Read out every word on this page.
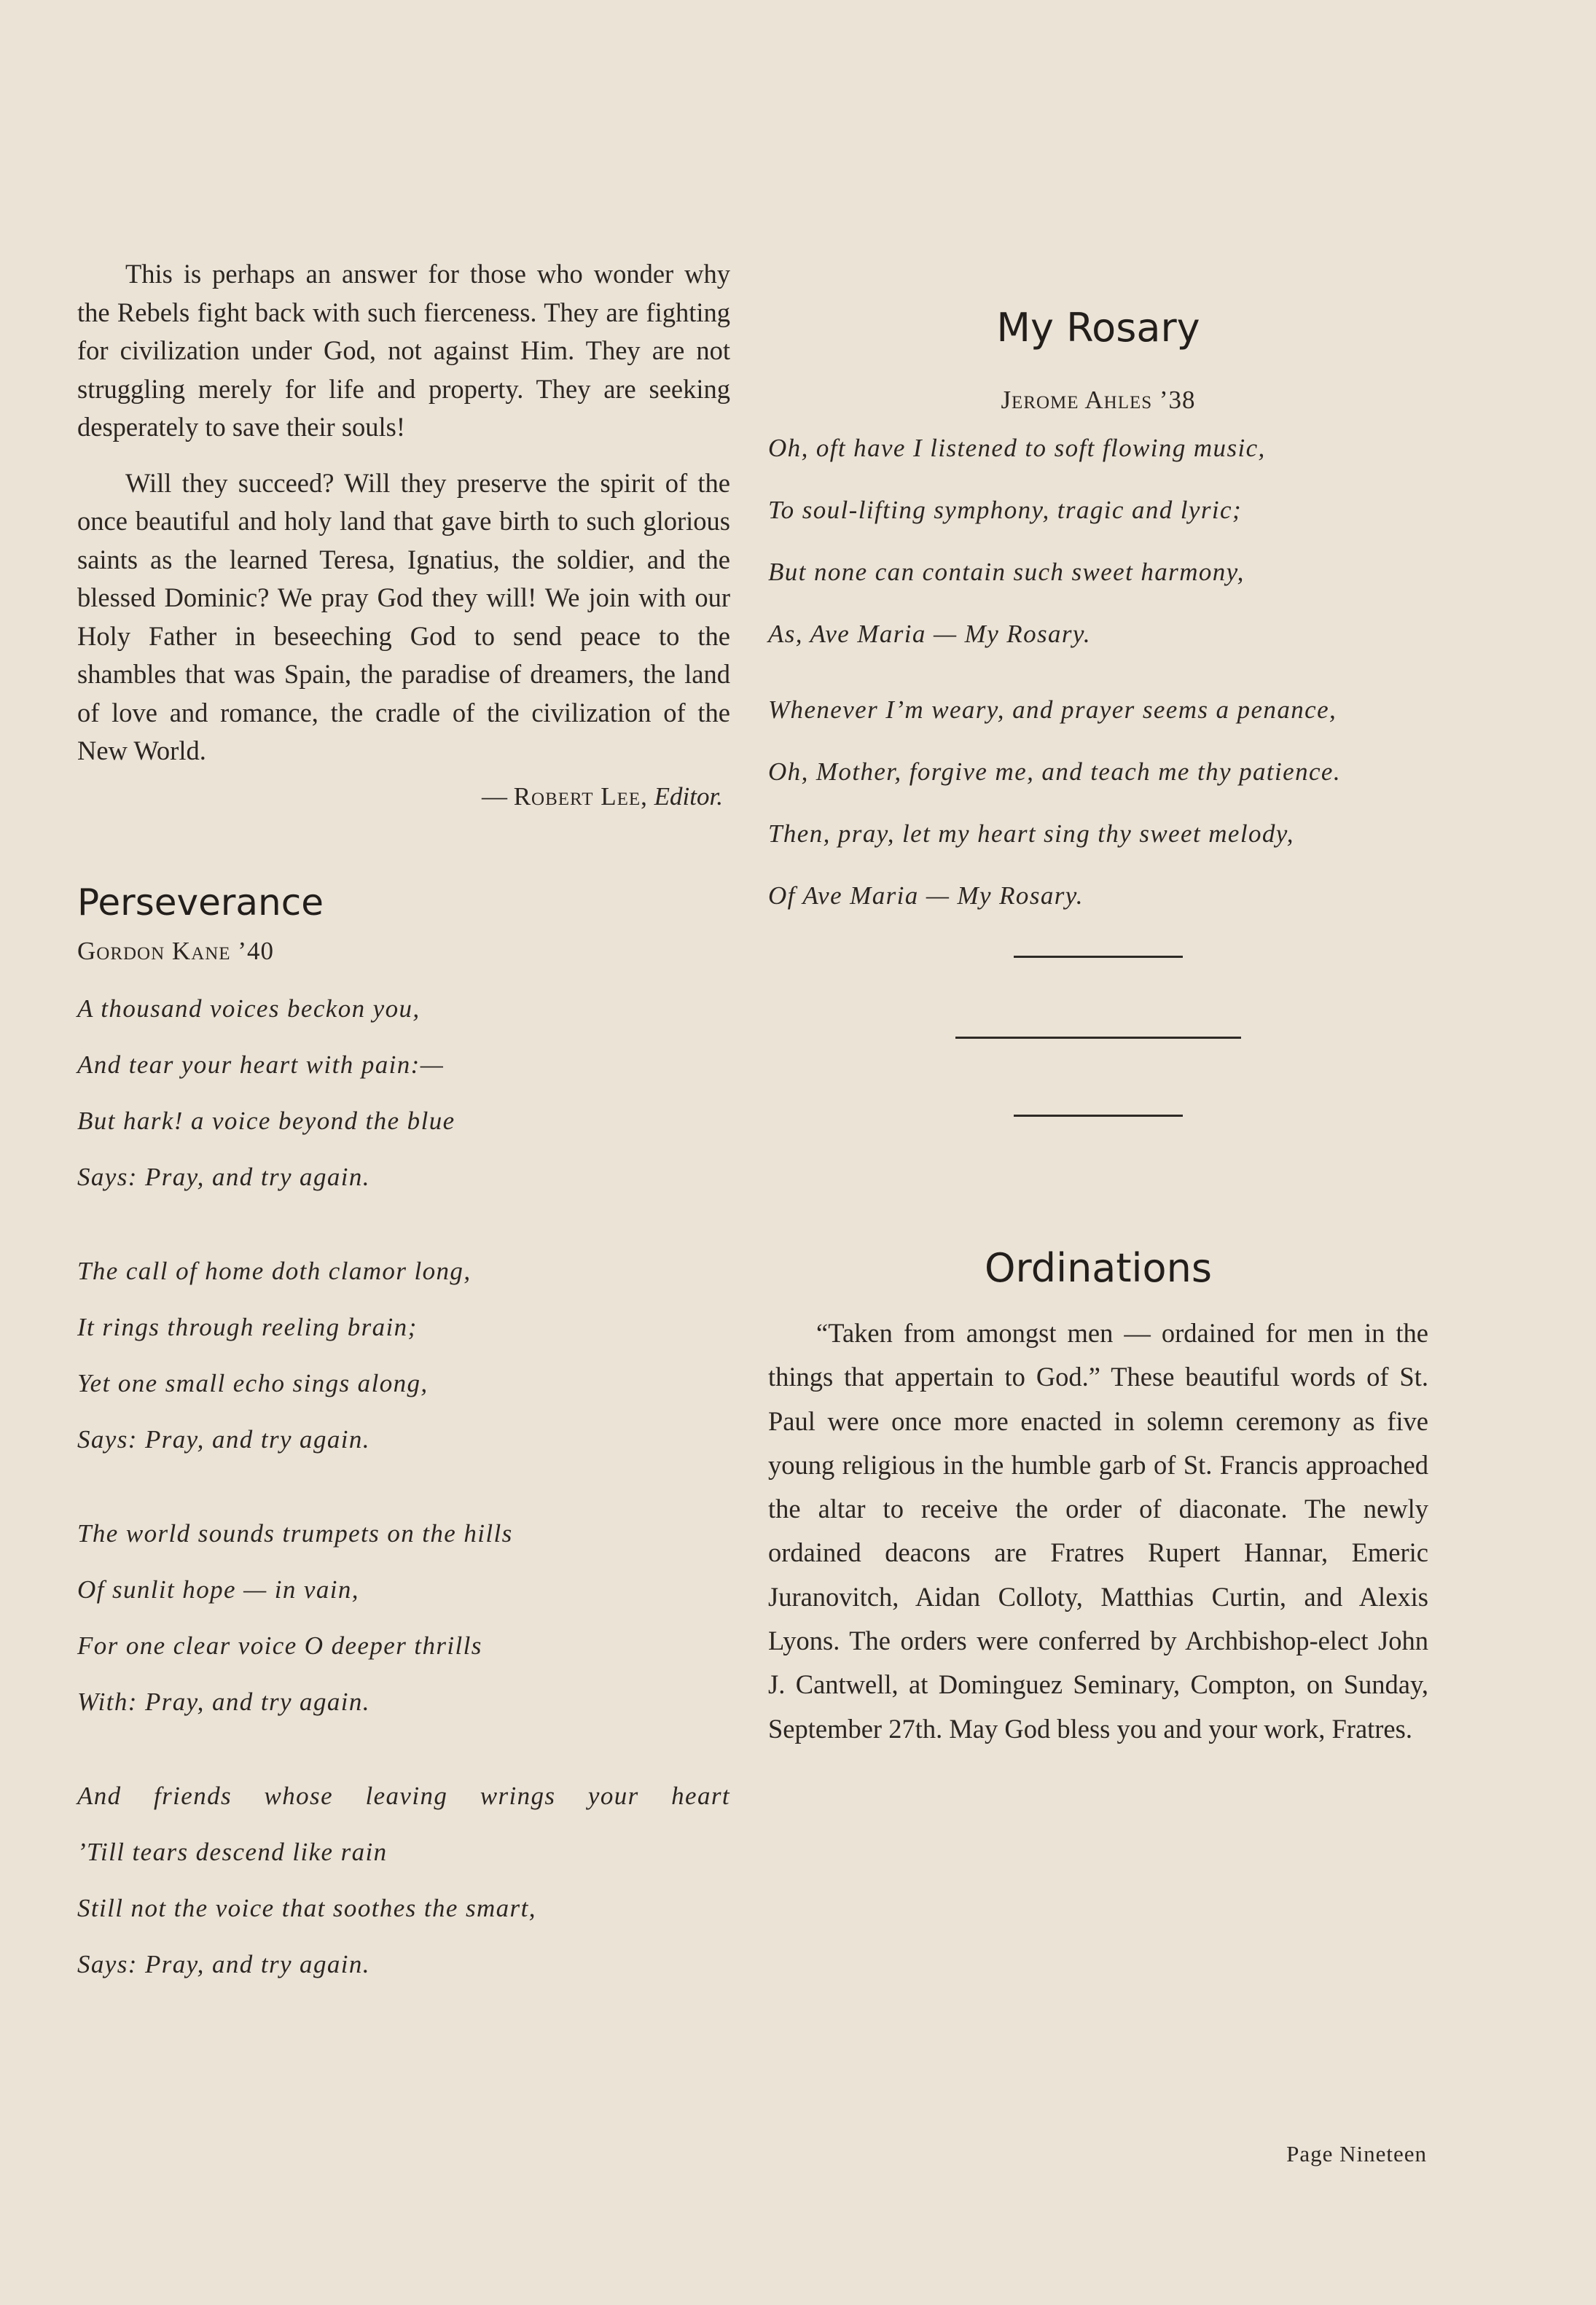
This is perhaps an answer for those who wonder why the Rebels fight back with such fierceness. They are fighting for civilization under God, not against Him. They are not struggling merely for life and property. They are seeking desperately to save their souls!

Will they succeed? Will they preserve the spirit of the once beautiful and holy land that gave birth to such glorious saints as the learned Teresa, Ignatius, the soldier, and the blessed Dominic? We pray God they will! We join with our Holy Father in beseeching God to send peace to the shambles that was Spain, the paradise of dreamers, the land of love and romance, the cradle of the civilization of the New World.

— Robert Lee, Editor.

Perseverance

Gordon Kane ’40

A thousand voices beckon you,
And tear your heart with pain:—
But hark! a voice beyond the blue
Says: Pray, and try again.
The call of home doth clamor long,
It rings through reeling brain;
Yet one small echo sings along,
Says: Pray, and try again.
The world sounds trumpets on the hills
Of sunlit hope — in vain,
For one clear voice O deeper thrills
With: Pray, and try again.
And friends whose leaving wrings your heart
’Till tears descend like rain
Still not the voice that soothes the smart,
Says: Pray, and try again.
My Rosary

Jerome Ahles ’38

Oh, oft have I listened to soft flowing music,
To soul-lifting symphony, tragic and lyric;
But none can contain such sweet harmony,
As, Ave Maria — My Rosary.
Whenever I’m weary, and prayer seems a penance,
Oh, Mother, forgive me, and teach me thy patience.
Then, pray, let my heart sing thy sweet melody,
Of Ave Maria — My Rosary.
Ordinations

“Taken from amongst men — ordained for men in the things that appertain to God.” These beautiful words of St. Paul were once more enacted in solemn ceremony as five young religious in the humble garb of St. Francis approached the altar to receive the order of diaconate. The newly ordained deacons are Fratres Rupert Hannar, Emeric Juranovitch, Aidan Colloty, Matthias Curtin, and Alexis Lyons. The orders were conferred by Archbishop-elect John J. Cantwell, at Dominguez Seminary, Compton, on Sunday, September 27th. May God bless you and your work, Fratres.

Page Nineteen
